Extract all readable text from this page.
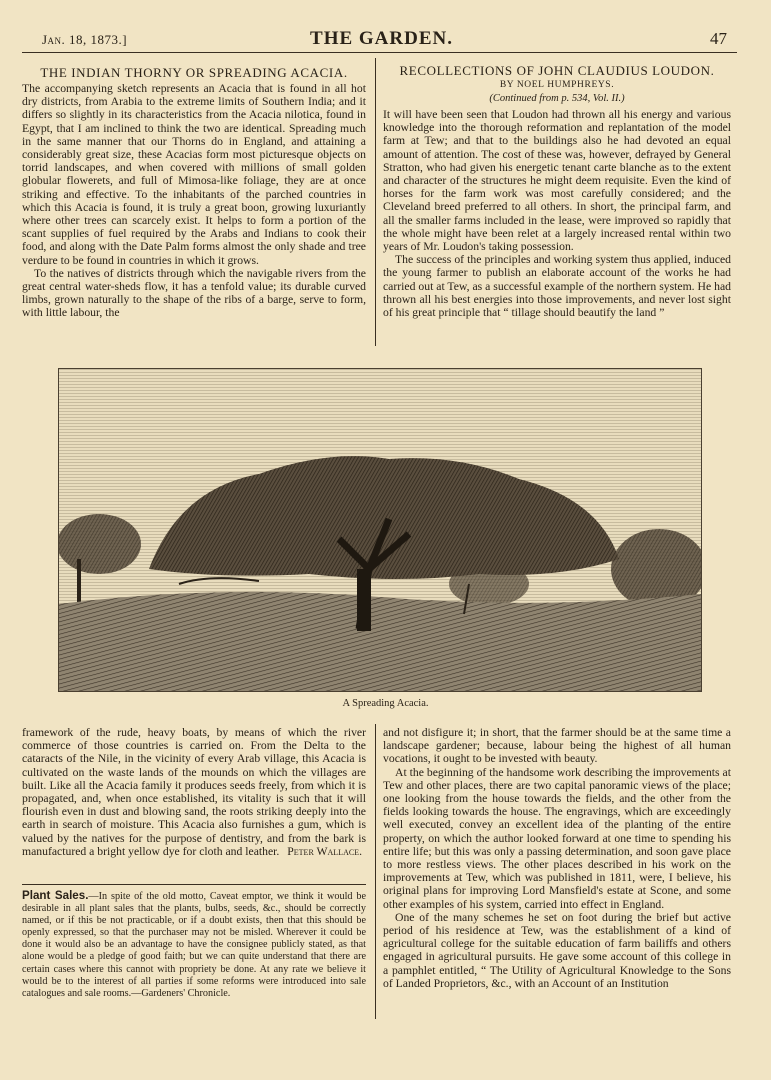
Jan. 18, 1873.]	THE GARDEN.	47
THE INDIAN THORNY OR SPREADING ACACIA.

The accompanying sketch represents an Acacia that is found in all hot dry districts, from Arabia to the extreme limits of Southern India; and it differs so slightly in its characteristics from the Acacia nilotica, found in Egypt, that I am inclined to think the two are identical. Spreading much in the same manner that our Thorns do in England, and attaining a considerably great size, these Acacias form most picturesque objects on torrid landscapes, and when covered with millions of small golden globular flowerets, and full of Mimosa-like foliage, they are at once striking and effective. To the inhabitants of the parched countries in which this Acacia is found, it is truly a great boon, growing luxuriantly where other trees can scarcely exist. It helps to form a portion of the scant supplies of fuel required by the Arabs and Indians to cook their food, and along with the Date Palm forms almost the only shade and tree verdure to be found in countries in which it grows.

To the natives of districts through which the navigable rivers from the great central water-sheds flow, it has a tenfold value; its durable curved limbs, grown naturally to the shape of the ribs of a barge, serve to form, with little labour, the

RECOLLECTIONS OF JOHN CLAUDIUS LOUDON.
BY NOEL HUMPHREYS.
(Continued from p. 534, Vol. II.)

It will have been seen that Loudon had thrown all his energy and various knowledge into the thorough reformation and replantation of the model farm at Tew; and that to the buildings also he had devoted an equal amount of attention. The cost of these was, however, defrayed by General Stratton, who had given his energetic tenant carte blanche as to the extent and character of the structures he might deem requisite. Even the kind of horses for the farm work was most carefully considered; and the Cleveland breed preferred to all others. In short, the principal farm, and all the smaller farms included in the lease, were improved so rapidly that the whole might have been relet at a largely increased rental within two years of Mr. Loudon's taking possession.

The success of the principles and working system thus applied, induced the young farmer to publish an elaborate account of the works he had carried out at Tew, as a successful example of the northern system. He had thrown all his best energies into those improvements, and never lost sight of his great principle that “ tillage should beautify the land ”

A Spreading Acacia.

framework of the rude, heavy boats, by means of which the river commerce of those countries is carried on. From the Delta to the cataracts of the Nile, in the vicinity of every Arab village, this Acacia is cultivated on the waste lands of the mounds on which the villages are built. Like all the Acacia family it produces seeds freely, from which it is propagated, and, when once established, its vitality is such that it will flourish even in dust and blowing sand, the roots striking deeply into the earth in search of moisture. This Acacia also furnishes a gum, which is valued by the natives for the purpose of dentistry, and from the bark is manufactured a bright yellow dye for cloth and leather. Peter Wallace.

Plant Sales.—In spite of the old motto, Caveat emptor, we think it would be desirable in all plant sales that the plants, bulbs, seeds, &c., should be correctly named, or if this be not practicable, or if a doubt exists, then that this should be openly expressed, so that the purchaser may not be misled. Wherever it could be done it would also be an advantage to have the consignee publicly stated, as that alone would be a pledge of good faith; but we can quite understand that there are certain cases where this cannot with propriety be done. At any rate we believe it would be to the interest of all parties if some reforms were introduced into sale catalogues and sale rooms.—Gardeners' Chronicle.

and not disfigure it; in short, that the farmer should be at the same time a landscape gardener; because, labour being the highest of all human vocations, it ought to be invested with beauty.

At the beginning of the handsome work describing the improvements at Tew and other places, there are two capital panoramic views of the place; one looking from the house towards the fields, and the other from the fields looking towards the house. The engravings, which are exceedingly well executed, convey an excellent idea of the planting of the entire property, on which the author looked forward at one time to spending his entire life; but this was only a passing determination, and soon gave place to more restless views. The other places described in his work on the improvements at Tew, which was published in 1811, were, I believe, his original plans for improving Lord Mansfield's estate at Scone, and some other examples of his system, carried into effect in England.

One of the many schemes he set on foot during the brief but active period of his residence at Tew, was the establishment of a kind of agricultural college for the suitable education of farm bailiffs and others engaged in agricultural pursuits. He gave some account of this college in a pamphlet entitled, “ The Utility of Agricultural Knowledge to the Sons of Landed Proprietors, &c., with an Account of an Institution
